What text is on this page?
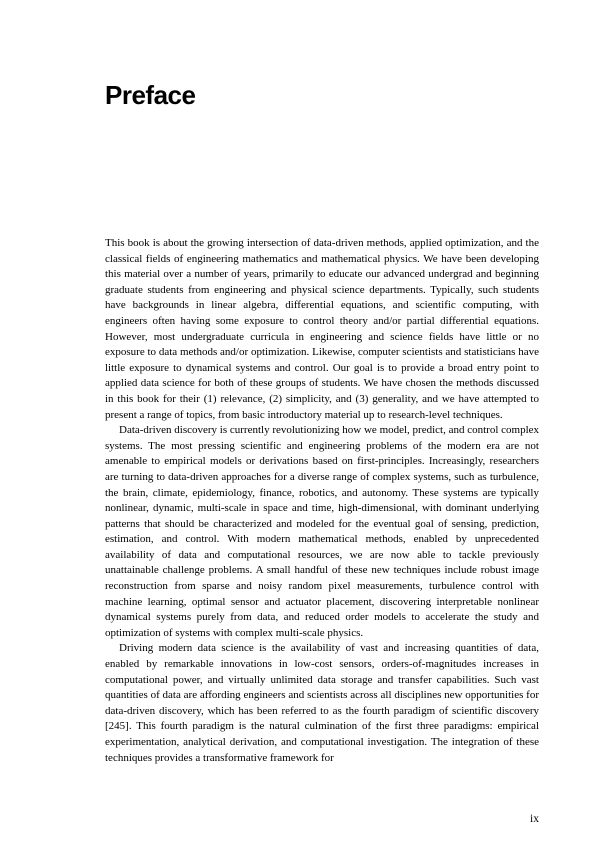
Preface

This book is about the growing intersection of data-driven methods, applied optimization, and the classical fields of engineering mathematics and mathematical physics. We have been developing this material over a number of years, primarily to educate our advanced undergrad and beginning graduate students from engineering and physical science departments. Typically, such students have backgrounds in linear algebra, differential equations, and scientific computing, with engineers often having some exposure to control theory and/or partial differential equations. However, most undergraduate curricula in engineering and science fields have little or no exposure to data methods and/or optimization. Likewise, computer scientists and statisticians have little exposure to dynamical systems and control. Our goal is to provide a broad entry point to applied data science for both of these groups of students. We have chosen the methods discussed in this book for their (1) relevance, (2) simplicity, and (3) generality, and we have attempted to present a range of topics, from basic introductory material up to research-level techniques.

Data-driven discovery is currently revolutionizing how we model, predict, and control complex systems. The most pressing scientific and engineering problems of the modern era are not amenable to empirical models or derivations based on first-principles. Increasingly, researchers are turning to data-driven approaches for a diverse range of complex systems, such as turbulence, the brain, climate, epidemiology, finance, robotics, and autonomy. These systems are typically nonlinear, dynamic, multi-scale in space and time, high-dimensional, with dominant underlying patterns that should be characterized and modeled for the eventual goal of sensing, prediction, estimation, and control. With modern mathematical methods, enabled by unprecedented availability of data and computational resources, we are now able to tackle previously unattainable challenge problems. A small handful of these new techniques include robust image reconstruction from sparse and noisy random pixel measurements, turbulence control with machine learning, optimal sensor and actuator placement, discovering interpretable nonlinear dynamical systems purely from data, and reduced order models to accelerate the study and optimization of systems with complex multi-scale physics.

Driving modern data science is the availability of vast and increasing quantities of data, enabled by remarkable innovations in low-cost sensors, orders-of-magnitudes increases in computational power, and virtually unlimited data storage and transfer capabilities. Such vast quantities of data are affording engineers and scientists across all disciplines new opportunities for data-driven discovery, which has been referred to as the fourth paradigm of scientific discovery [245]. This fourth paradigm is the natural culmination of the first three paradigms: empirical experimentation, analytical derivation, and computational investigation. The integration of these techniques provides a transformative framework for

ix
